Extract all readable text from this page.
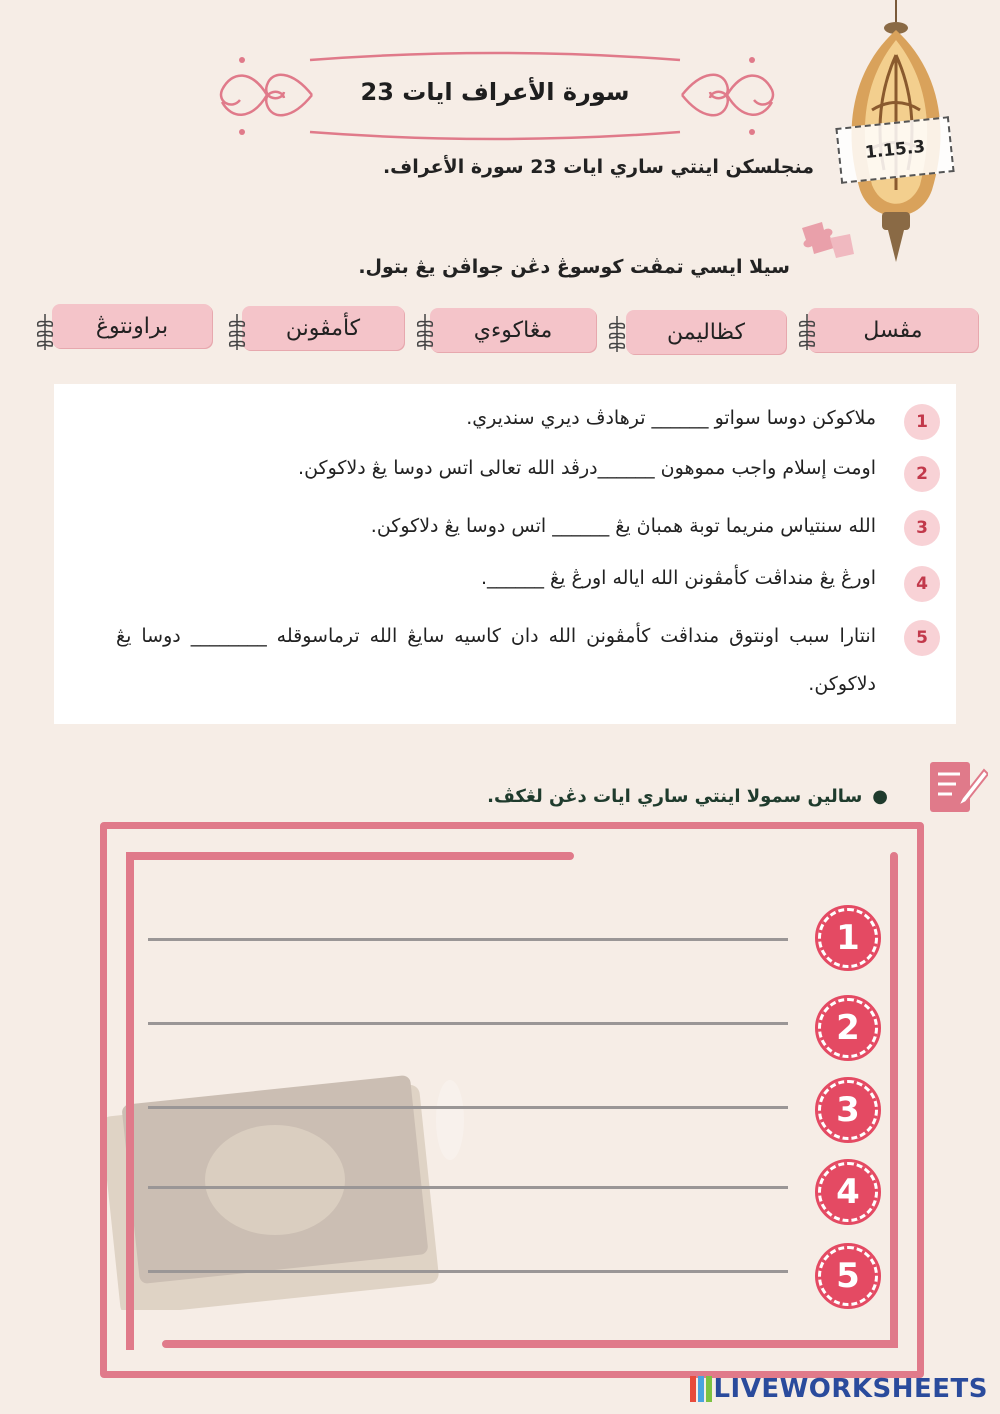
سورة الأعراف ايات 23
1.15.3
منجلسكن اينتي ساري ايات 23 سورة الأعراف.
سيلا ايسي تمڤت كوسوڠ دڠن جواڤن يڠ بتول.
مڤسل
كظاليمن
مڠاكوءي
كأمڤونن
براونتوڠ
1
ملاكوكن دوسا سواتو ______ ترهادڤ ديري سنديري.
2
اومت إسلام واجب مموهون ______درڤد الله تعالى اتس دوسا يڠ دلاكوكن.
3
الله سنتياس منريما توبة همباڽ يڠ ______ اتس دوسا يڠ دلاكوكن.
4
اورڠ يڠ منداڤت كأمڤونن الله اياله اورڠ يڠ ______.
5
انتارا سبب اونتوق منداڤت كأمڤونن الله دان كاسيه سايڠ الله ترماسوقله ________ دوسا يڠ دلاكوكن.
●سالين سمولا اينتي ساري ايات دڠن لڠكڤ.
1
2
3
4
5
LIVEWORKSHEETS
